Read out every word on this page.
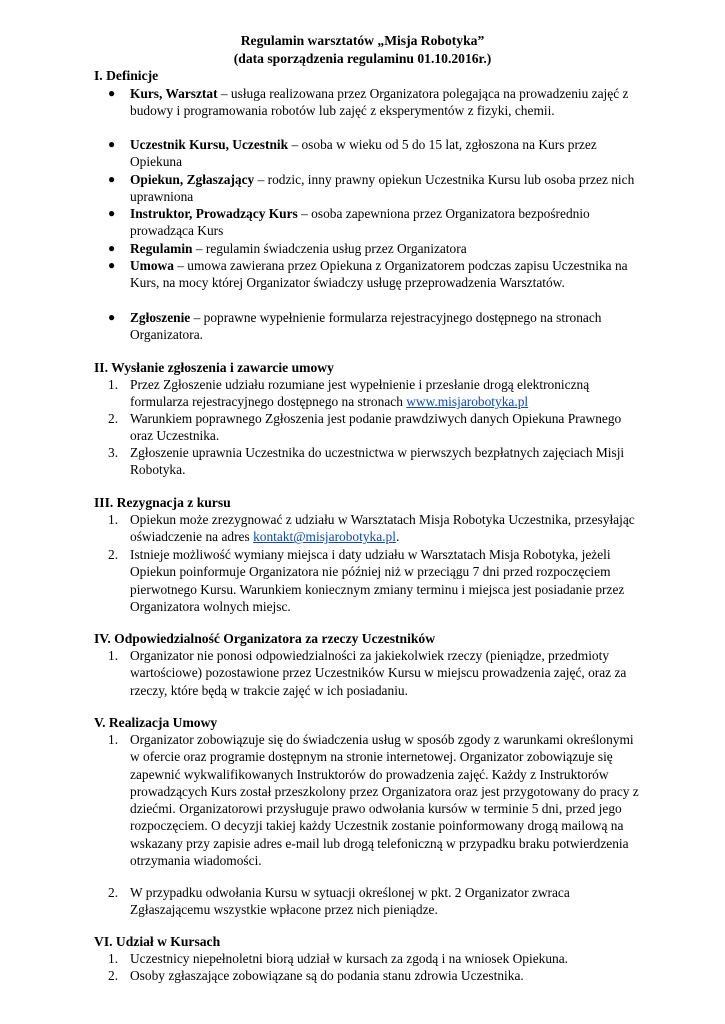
Regulamin warsztatów „Misja Robotyka”
(data sporządzenia regulaminu 01.10.2016r.)
I. Definicje
● Kurs, Warsztat – usługa realizowana przez Organizatora polegająca na prowadzeniu zajęć z budowy i programowania robotów lub zajęć z eksperymentów z fizyki, chemii.
● Uczestnik Kursu, Uczestnik – osoba w wieku od 5 do 15 lat, zgłoszona na Kurs przez Opiekuna
● Opiekun, Zgłaszający – rodzic, inny prawny opiekun Uczestnika Kursu lub osoba przez nich uprawniona
● Instruktor, Prowadzący Kurs – osoba zapewniona przez Organizatora bezpośrednio prowadząca Kurs
● Regulamin – regulamin świadczenia usług przez Organizatora
● Umowa – umowa zawierana przez Opiekuna z Organizatorem podczas zapisu Uczestnika na Kurs, na mocy której Organizator świadczy usługę przeprowadzenia Warsztatów.
● Zgłoszenie – poprawne wypełnienie formularza rejestracyjnego dostępnego na stronach Organizatora.
II. Wysłanie zgłoszenia i zawarcie umowy
1. Przez Zgłoszenie udziału rozumiane jest wypełnienie i przesłanie drogą elektroniczną formularza rejestracyjnego dostępnego na stronach www.misjarobotyka.pl
2. Warunkiem poprawnego Zgłoszenia jest podanie prawdziwych danych Opiekuna Prawnego oraz Uczestnika.
3. Zgłoszenie uprawnia Uczestnika do uczestnictwa w pierwszych bezpłatnych zajęciach Misji Robotyka.
III. Rezygnacja z kursu
1. Opiekun może zrezygnować z udziału w Warsztatach Misja Robotyka Uczestnika, przesyłając oświadczenie na adres kontakt@misjarobotyka.pl.
2. Istnieje możliwość wymiany miejsca i daty udziału w Warsztatach Misja Robotyka, jeżeli Opiekun poinformuje Organizatora nie później niż w przeciągu 7 dni przed rozpoczęciem pierwotnego Kursu. Warunkiem koniecznym zmiany terminu i miejsca jest posiadanie przez Organizatora wolnych miejsc.
IV. Odpowiedzialność Organizatora za rzeczy Uczestników
1. Organizator nie ponosi odpowiedzialności za jakiekolwiek rzeczy (pieniądze, przedmioty wartościowe) pozostawione przez Uczestników Kursu w miejscu prowadzenia zajęć, oraz za rzeczy, które będą w trakcie zajęć w ich posiadaniu.
V. Realizacja Umowy
1. Organizator zobowiązuje się do świadczenia usług w sposób zgody z warunkami określonymi w ofercie oraz programie dostępnym na stronie internetowej. Organizator zobowiązuje się zapewnić wykwalifikowanych Instruktorów do prowadzenia zajęć. Każdy z Instruktorów prowadzących Kurs został przeszkolony przez Organizatora oraz jest przygotowany do pracy z dziećmi. Organizatorowi przysługuje prawo odwołania kursów w terminie 5 dni, przed jego rozpoczęciem. O decyzji takiej każdy Uczestnik zostanie poinformowany drogą mailową na wskazany przy zapisie adres e-mail lub drogą telefoniczną w przypadku braku potwierdzenia otrzymania wiadomości.
2. W przypadku odwołania Kursu w sytuacji określonej w pkt. 2 Organizator zwraca Zgłaszającemu wszystkie wpłacone przez nich pieniądze.
VI. Udział w Kursach
1. Uczestnicy niepełnoletni biorą udział w kursach za zgodą i na wniosek Opiekuna.
2. Osoby zgłaszające zobowiązane są do podania stanu zdrowia Uczestnika.
